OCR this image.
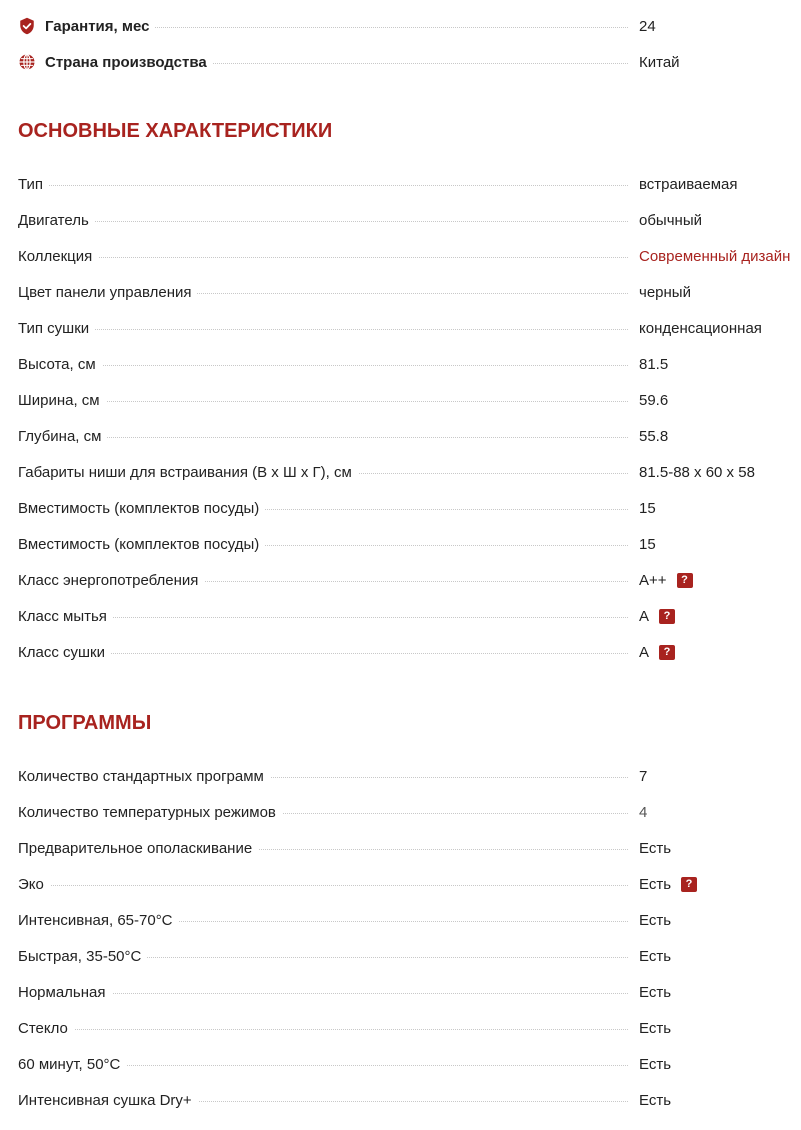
Гарантия, мес	24
Страна производства	Китай
ОСНОВНЫЕ ХАРАКТЕРИСТИКИ
Тип	встраиваемая
Двигатель	обычный
Коллекция	Современный дизайн
Цвет панели управления	черный
Тип сушки	конденсационная
Высота, см	81.5
Ширина, см	59.6
Глубина, см	55.8
Габариты ниши для встраивания (В х Ш х Г), см	81.5-88 х 60 х 58
Вместимость (комплектов посуды)	15
Вместимость (комплектов посуды)	15
Класс энергопотребления	A++	?
Класс мытья	A	?
Класс сушки	A	?
ПРОГРАММЫ
Количество стандартных программ	7
Количество температурных режимов	4
Предварительное ополаскивание	Есть
Эко	Есть	?
Интенсивная, 65-70°C	Есть
Быстрая, 35-50°C	Есть
Нормальная	Есть
Стекло	Есть
60 минут, 50°C	Есть
Интенсивная сушка Dry+	Есть
